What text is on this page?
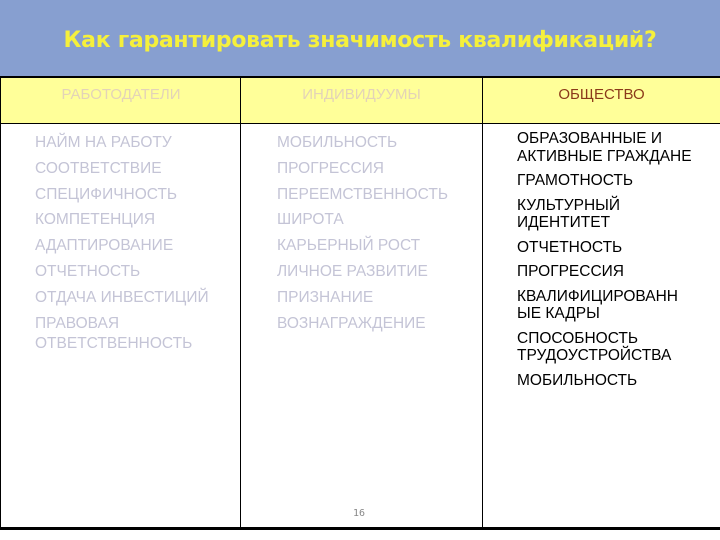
Как гарантировать значимость квалификаций?
РАБОТОДАТЕЛИ	ИНДИВИДУУМЫ	ОБЩЕСТВО
НАЙМ НА РАБОТУ
СООТВЕТСТВИЕ
СПЕЦИФИЧНОСТЬ
КОМПЕТЕНЦИЯ
АДАПТИРОВАНИЕ
ОТЧЕТНОСТЬ
ОТДАЧА ИНВЕСТИЦИЙ
ПРАВОВАЯ
ОТВЕТСТВЕННОСТЬ
МОБИЛЬНОСТЬ
ПРОГРЕССИЯ
ПЕРЕЕМСТВЕННОСТЬ
ШИРОТА
КАРЬЕРНЫЙ РОСТ
ЛИЧНОЕ РАЗВИТИЕ
ПРИЗНАНИЕ
ВОЗНАГРАЖДЕНИЕ
ОБРАЗОВАННЫЕ И
АКТИВНЫЕ ГРАЖДАНЕ
ГРАМОТНОСТЬ
КУЛЬТУРНЫЙ
ИДЕНТИТЕТ
ОТЧЕТНОСТЬ
ПРОГРЕССИЯ
КВАЛИФИЦИРОВАНН
ЫЕ КАДРЫ
СПОСОБНОСТЬ
ТРУДОУСТРОЙСТВА
МОБИЛЬНОСТЬ
16
